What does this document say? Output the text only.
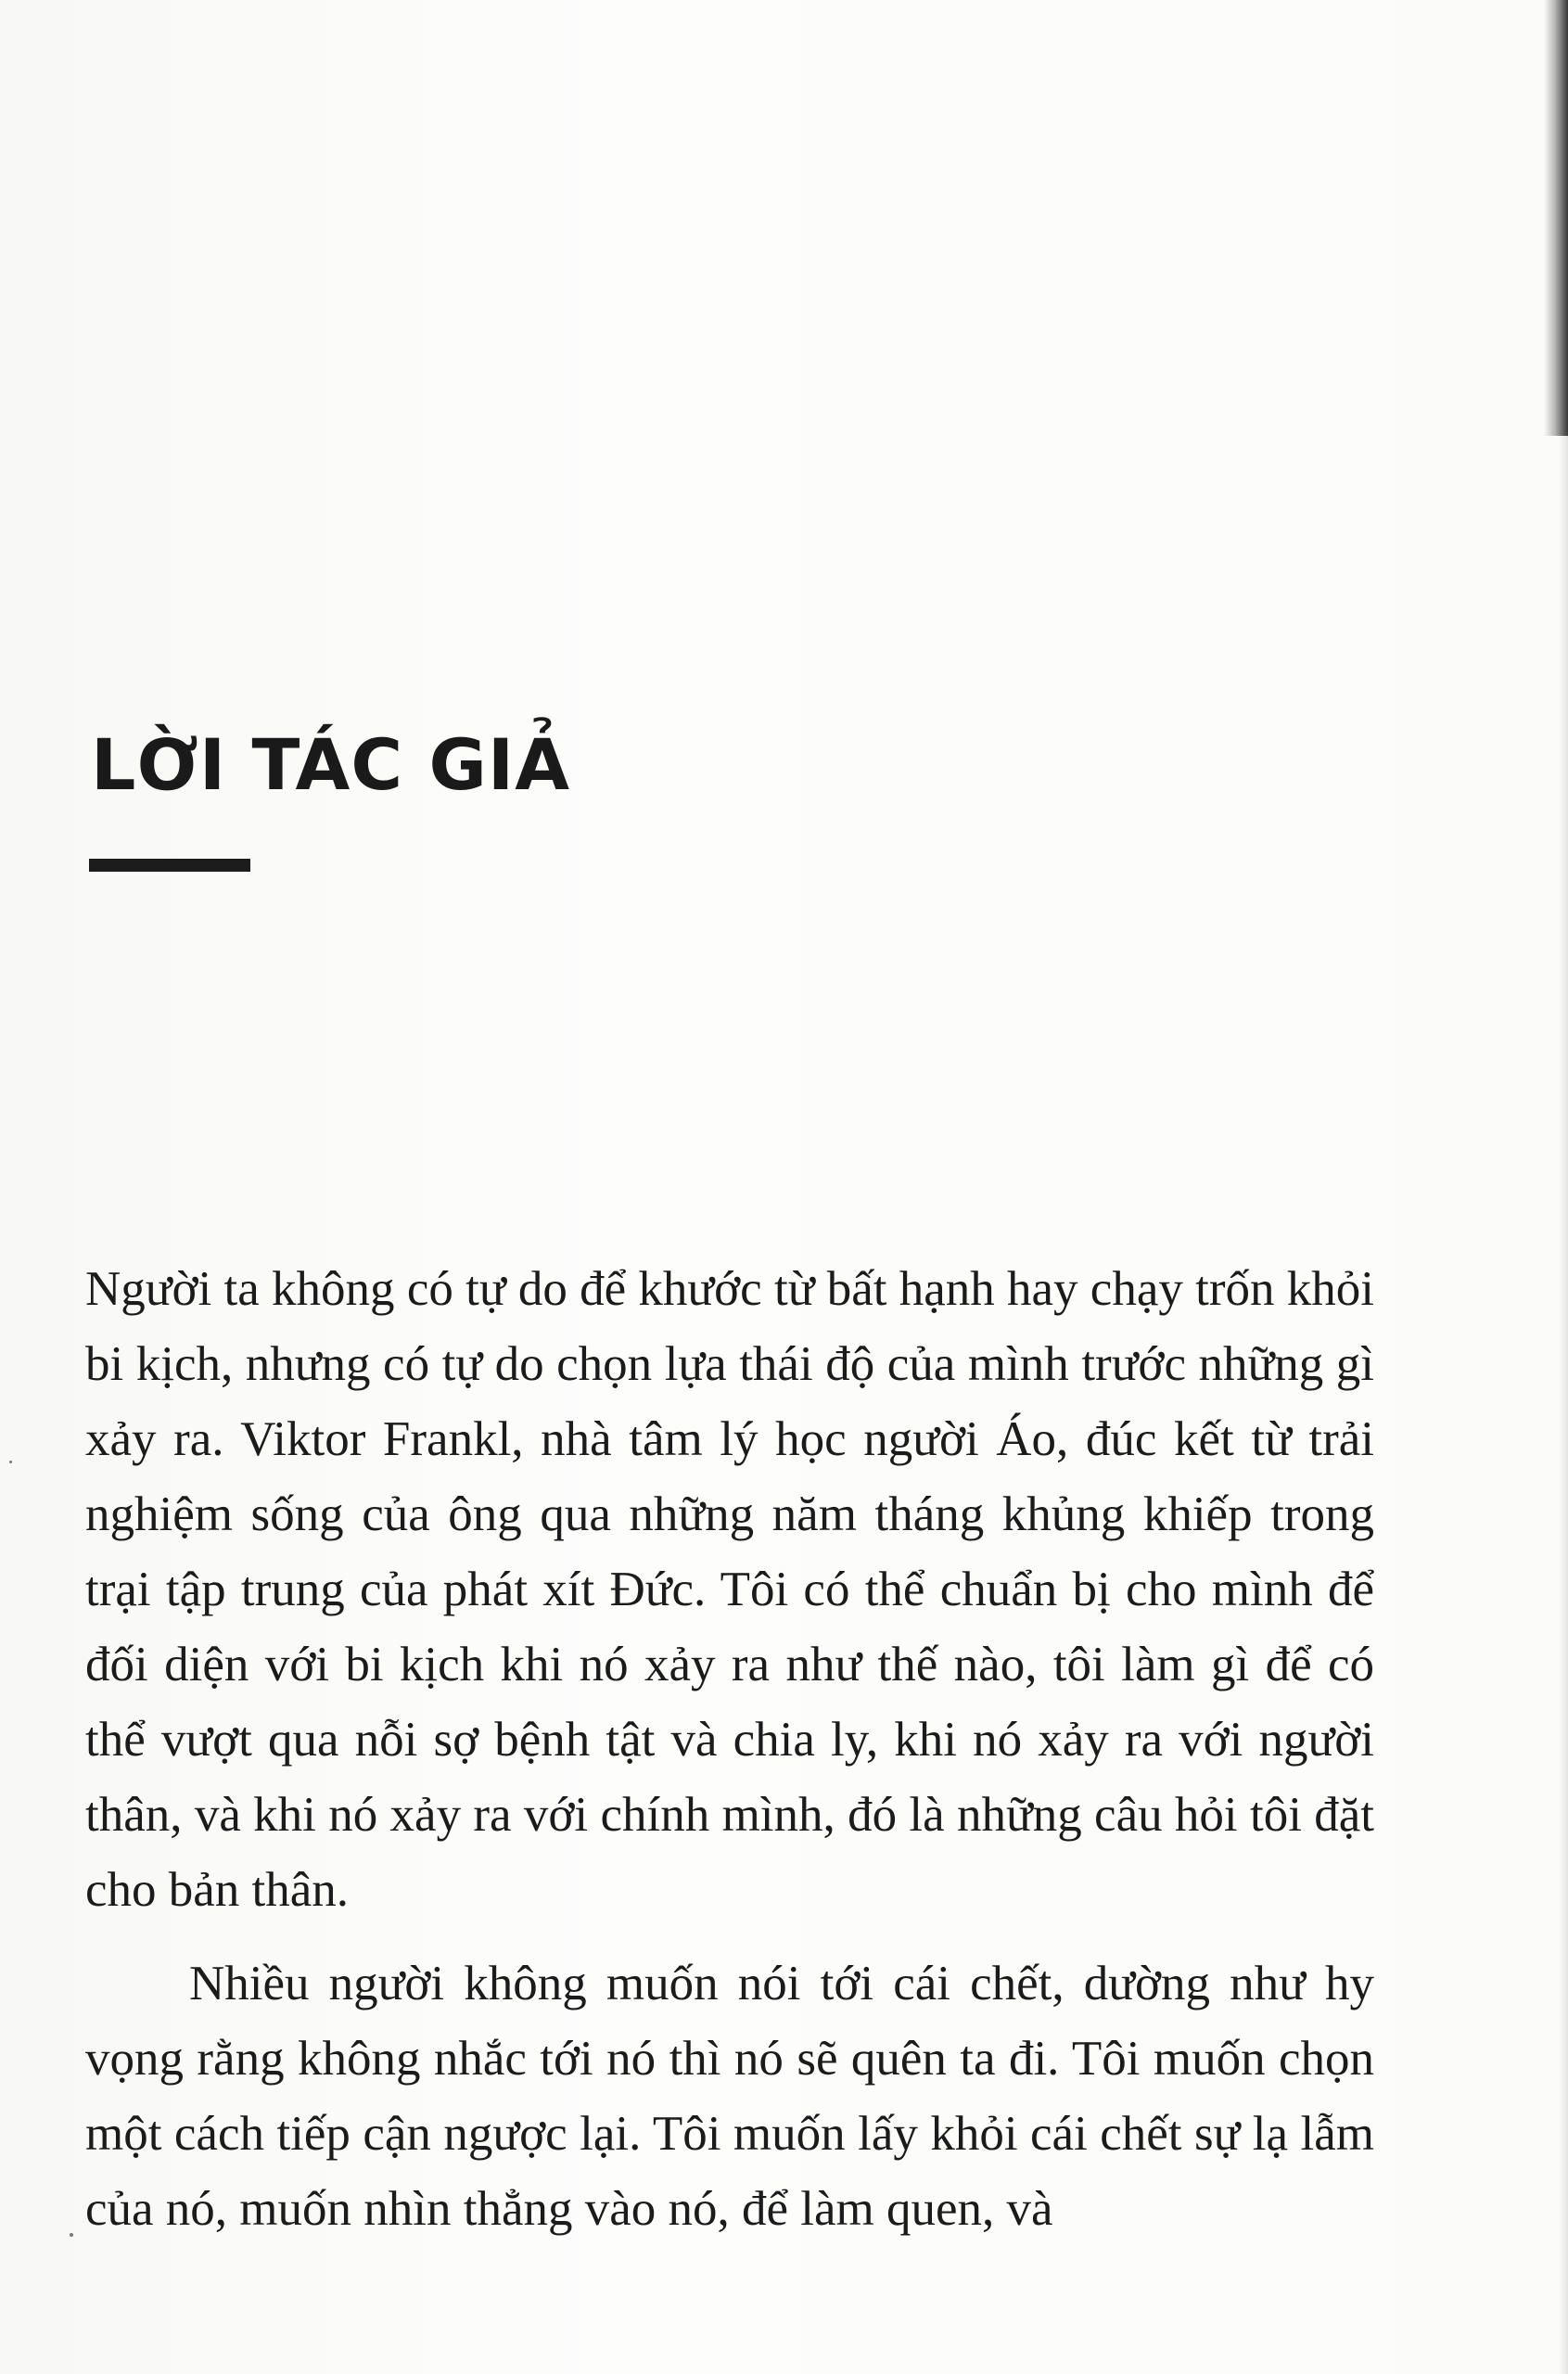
LỜI TÁC GIẢ

Người ta không có tự do để khước từ bất hạnh hay chạy trốn khỏi bi kịch, nhưng có tự do chọn lựa thái độ của mình trước những gì xảy ra. Viktor Frankl, nhà tâm lý học người Áo, đúc kết từ trải nghiệm sống của ông qua những năm tháng khủng khiếp trong trại tập trung của phát xít Đức. Tôi có thể chuẩn bị cho mình để đối diện với bi kịch khi nó xảy ra như thế nào, tôi làm gì để có thể vượt qua nỗi sợ bệnh tật và chia ly, khi nó xảy ra với người thân, và khi nó xảy ra với chính mình, đó là những câu hỏi tôi đặt cho bản thân.

Nhiều người không muốn nói tới cái chết, dường như hy vọng rằng không nhắc tới nó thì nó sẽ quên ta đi. Tôi muốn chọn một cách tiếp cận ngược lại. Tôi muốn lấy khỏi cái chết sự lạ lẫm của nó, muốn nhìn thẳng vào nó, để làm quen, và
